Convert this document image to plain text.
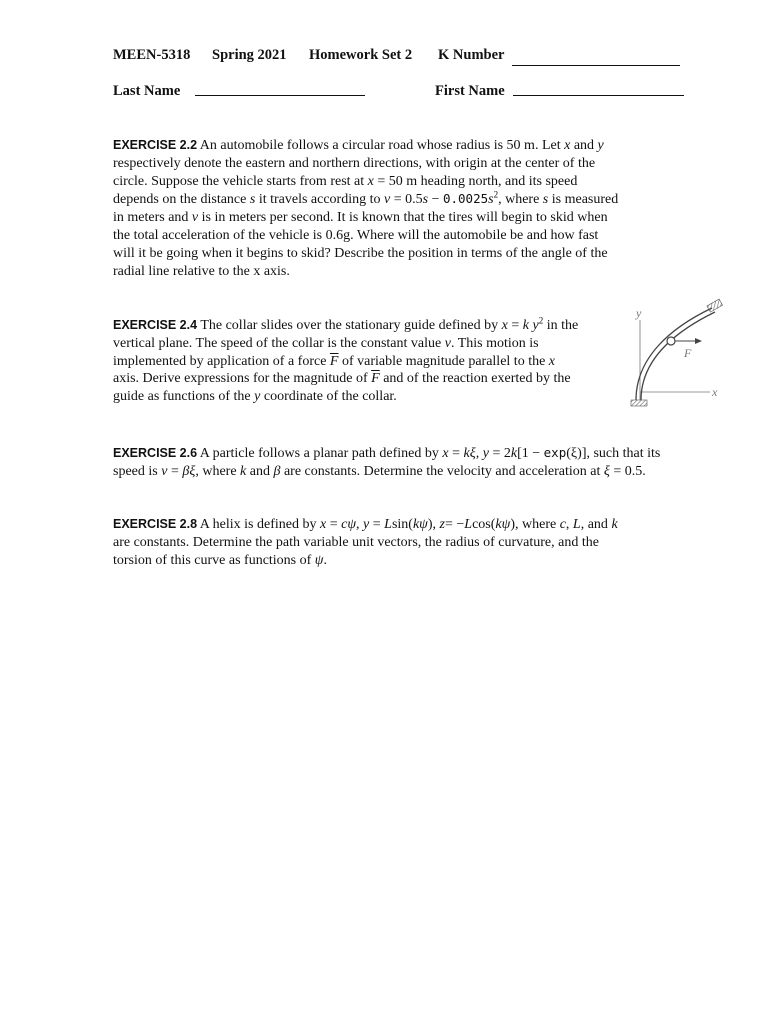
MEEN-5318 Spring 2021 Homework Set 2 K Number
Last Name	First Name
EXERCISE 2.2 An automobile follows a circular road whose radius is 50 m. Let x and y
respectively denote the eastern and northern directions, with origin at the center of the
circle. Suppose the vehicle starts from rest at x = 50 m heading north, and its speed
depends on the distance s it travels according to $v = 0.5s - 0.0025s^2$, where s is measured
in meters and v is in meters per second. It is known that the tires will begin to skid when
the total acceleration of the vehicle is 0.6g. Where will the automobile be and how fast
will it be going when it begins to skid? Describe the position in terms of the angle of the
radial line relative to the x axis.
EXERCISE 2.4 The collar slides over the stationary guide defined by x = k $y^2$ in the
vertical plane. The speed of the collar is the constant value v. This motion is
implemented by application of a force $\overline{F}$ of variable magnitude parallel to the x
axis. Derive expressions for the magnitude of $\overline{F}$ and of the reaction exerted by the
guide as functions of the y coordinate of the collar.
y
x
F
EXERCISE 2.6 A particle follows a planar path defined by x = kξ, y = 2k[1 − exp(ξ)], such that its
speed is v = βξ, where k and β are constants. Determine the velocity and acceleration at ξ = 0.5.
EXERCISE 2.8 A helix is defined by x = cψ, y = Lsin(kψ), z= −Lcos(kψ), where c, L, and k
are constants. Determine the path variable unit vectors, the radius of curvature, and the
torsion of this curve as functions of ψ.
